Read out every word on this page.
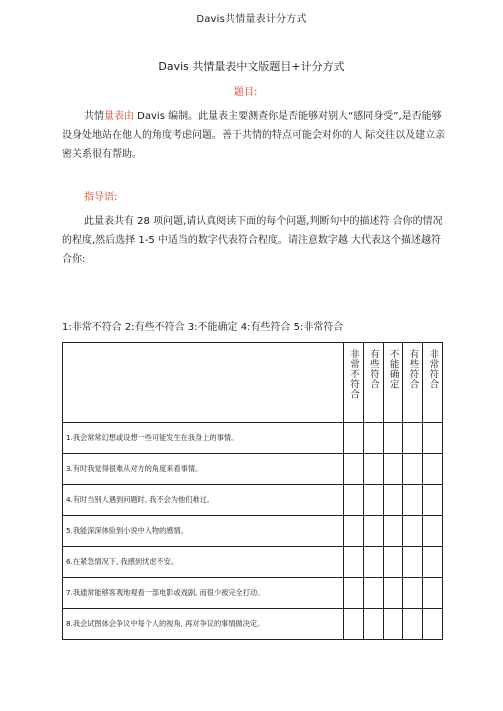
Davis共情量表计分方式
Davis 共情量表中文版题目+计分方式
题目:

共情量表由 Davis 编制。此量表主要测查你是否能够对别人“感同身受”,是否能够设身处地站在他人的角度考虑问题。善于共情的特点可能会对你的人 际交往以及建立亲密关系很有帮助。

指导语:

此量表共有 28 项问题,请认真阅读下面的每个问题,判断句中的描述符 合你的情况的程度,然后选择 1-5 中适当的数字代表符合程度。请注意数字越 大代表这个描述越符合你:

1:非常不符合 2:有些不符合 3:不能确定 4:有些符合 5:非常符合

	非常不符合	有些符合	不能确定	有些符合	非常符合

1.我会常常幻想或设想一些可能发生在我身上的事情。					
3.有时我觉得很难从对方的角度来看事情。					
4.有时当别人遇到问题时, 我不会为他们难过。					
5.我能深深体验到小说中人物的感情。					
6.在紧急情况下, 我感到忧虑不安。					
7.我通常能够客观地观看一部电影或戏剧, 而很少被完全打动。					
8.我会试图体会争议中每个人的视角, 再对争议的事情做决定。					
